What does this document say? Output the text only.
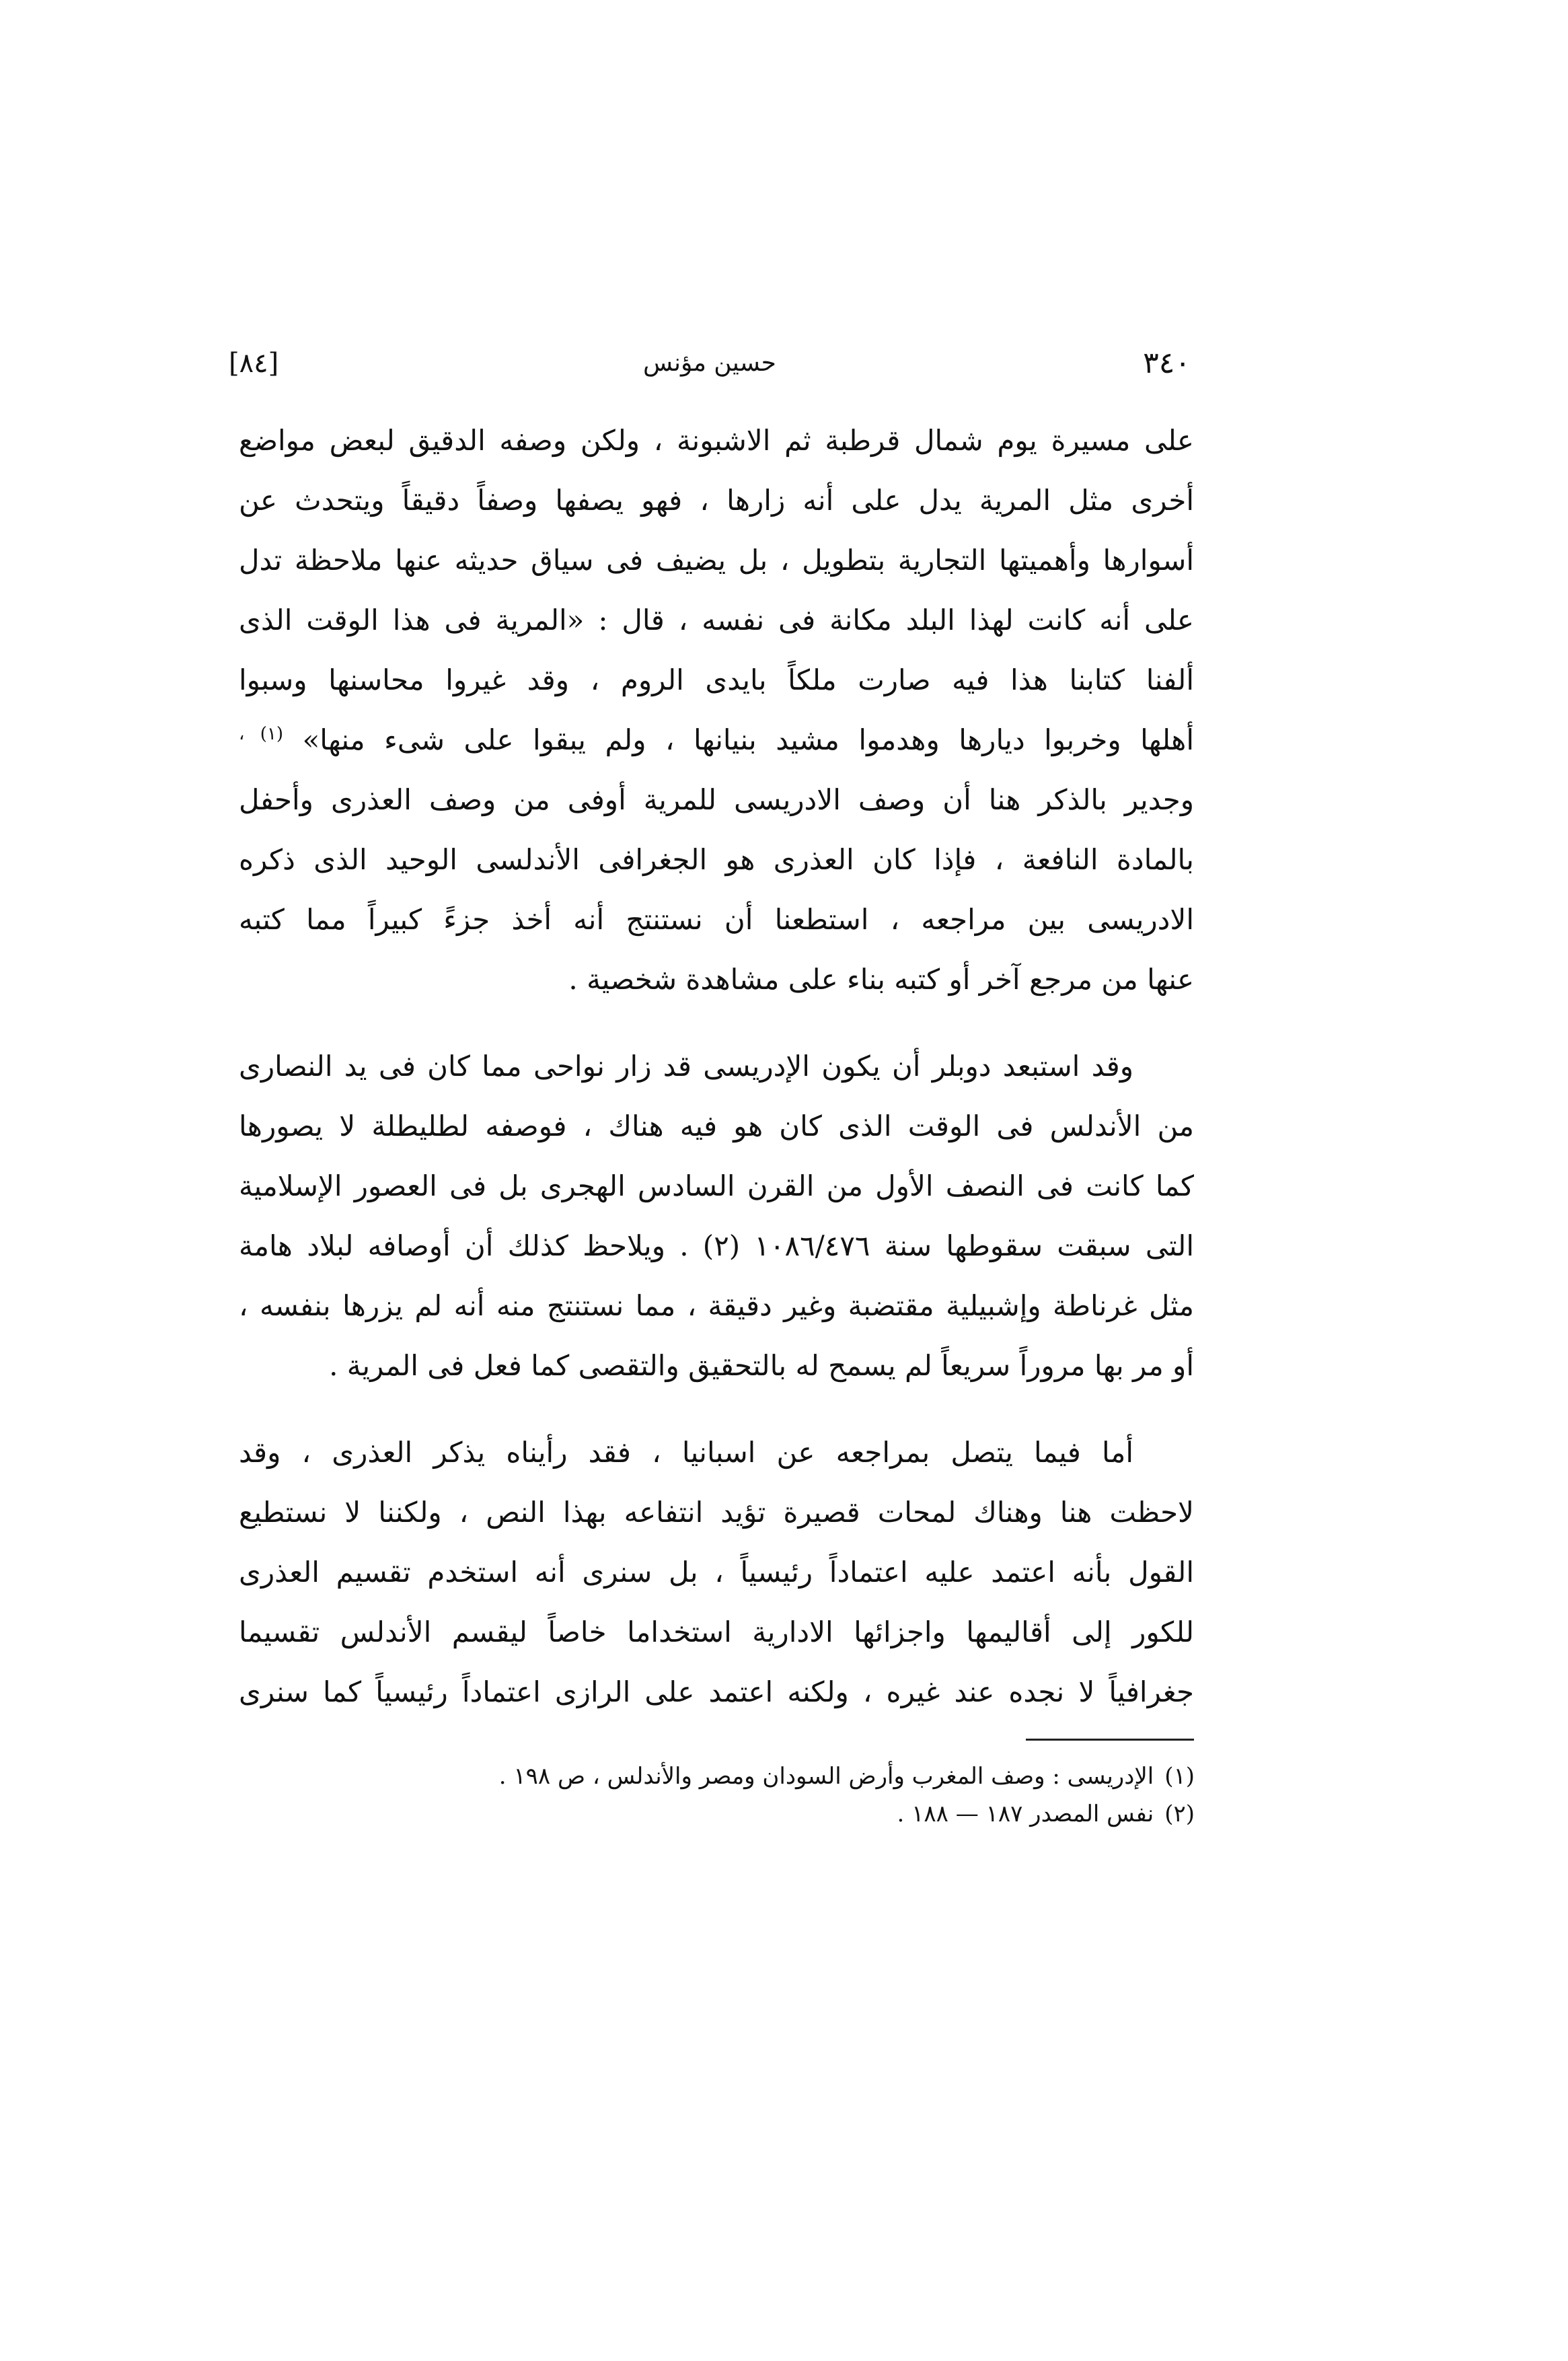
٣٤٠
حسين مؤنس
[٨٤]
على مسيرة يوم شمال قرطبة ثم الاشبونة ، ولكن وصفه الدقيق لبعض مواضع
أخرى مثل المرية يدل على أنه زارها ، فهو يصفها وصفاً دقيقاً ويتحدث عن
أسوارها وأهميتها التجارية بتطويل ، بل يضيف فى سياق حديثه عنها ملاحظة تدل
على أنه كانت لهذا البلد مكانة فى نفسه ، قال : «المرية فى هذا الوقت الذى
ألفنا كتابنا هذا فيه صارت ملكاً بايدى الروم ، وقد غيروا محاسنها وسبوا
أهلها وخربوا ديارها وهدموا مشيد بنيانها ، ولم يبقوا على شىء منها» $^{(١) ،}$
وجدير بالذكر هنا أن وصف الادريسى للمرية أوفى من وصف العذرى وأحفل
بالمادة النافعة ، فإذا كان العذرى هو الجغرافى الأندلسى الوحيد الذى ذكره
الادريسى بين مراجعه ، استطعنا أن نستنتج أنه أخذ جزءً كبيراً مما كتبه
عنها من مرجع آخر أو كتبه بناء على مشاهدة شخصية .
وقد استبعد دوبلر أن يكون الإدريسى قد زار نواحى مما كان فى يد النصارى
من الأندلس فى الوقت الذى كان هو فيه هناك ، فوصفه لطليطلة لا يصورها
كما كانت فى النصف الأول من القرن السادس الهجرى بل فى العصور الإسلامية
التى سبقت سقوطها سنة ١٠٨٦/٤٧٦ (٢) . ويلاحظ كذلك أن أوصافه لبلاد هامة
مثل غرناطة وإشبيلية مقتضبة وغير دقيقة ، مما نستنتج منه أنه لم يزرها بنفسه ،
أو مر بها مروراً سريعاً لم يسمح له بالتحقيق والتقصى كما فعل فى المرية .
أما فيما يتصل بمراجعه عن اسبانيا ، فقد رأيناه يذكر العذرى ، وقد
لاحظت هنا وهناك لمحات قصيرة تؤيد انتفاعه بهذا النص ، ولكننا لا نستطيع
القول بأنه اعتمد عليه اعتماداً رئيسياً ، بل سنرى أنه استخدم تقسيم العذرى
للكور إلى أقاليمها واجزائها الادارية استخداما خاصاً ليقسم الأندلس تقسيما
جغرافياً لا نجده عند غيره ، ولكنه اعتمد على الرازى اعتماداً رئيسياً كما سنرى
(١)الإدريسى : وصف المغرب وأرض السودان ومصر والأندلس ، ص ١٩٨ .
(٢)نفس المصدر ١٨٧ — ١٨٨ .
